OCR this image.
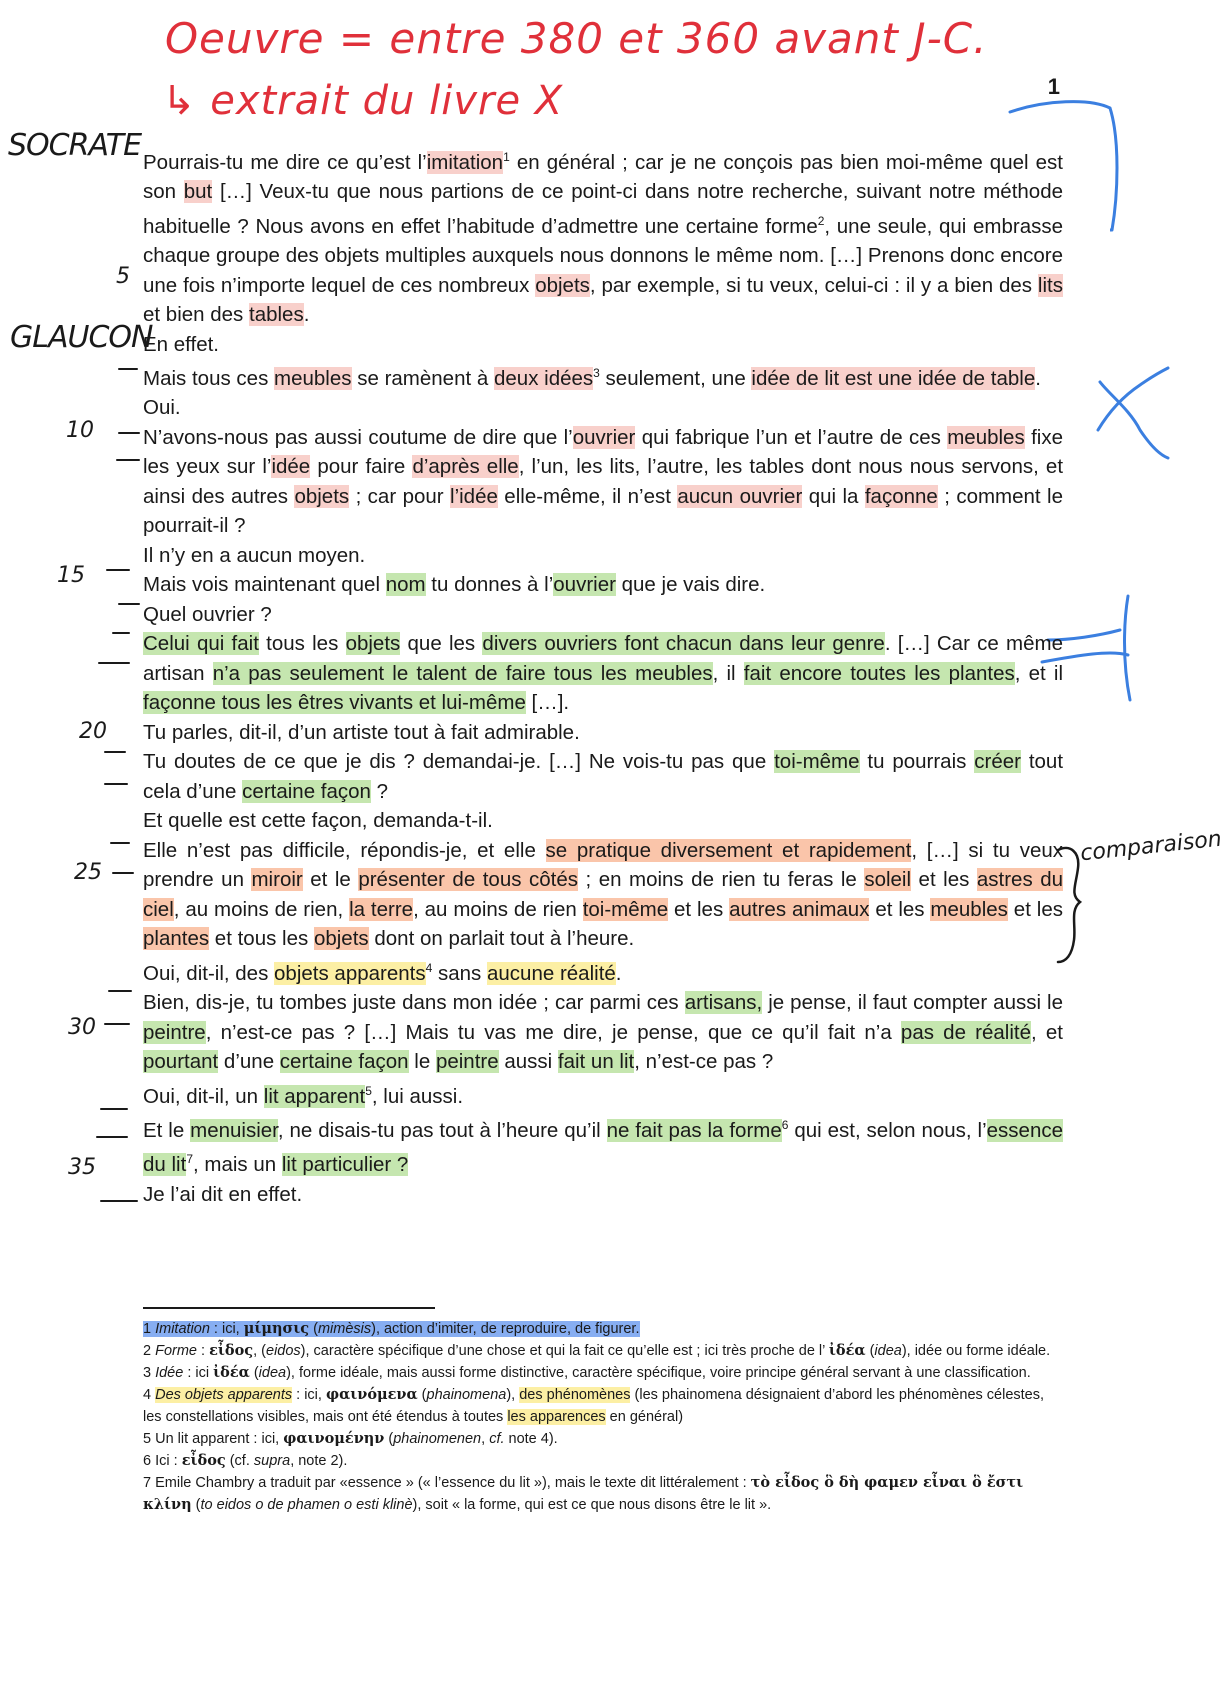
Oeuvre = entre 380 et 360 avant J-C.
↳ extrait du livre X	1
SOCRATE
GLAUCON
5
10
15
20
25
30
35
comparaison

Pourrais-tu me dire ce qu’est l’imitation$^1$ en général ; car je ne conçois pas bien moi-même quel est son but […] Veux-tu que nous partions de ce point-ci dans notre recherche, suivant notre méthode habituelle ? Nous avons en effet l’habitude d’admettre une certaine forme$^2$, une seule, qui embrasse chaque groupe des objets multiples auxquels nous donnons le même nom. […] Prenons donc encore une fois n’importe lequel de ces nombreux objets, par exemple, si tu veux, celui-ci : il y a bien des lits et bien des tables.

En effet.

Mais tous ces meubles se ramènent à deux idées$^3$ seulement, une idée de lit est une idée de table.

Oui.

N’avons-nous pas aussi coutume de dire que l’ouvrier qui fabrique l’un et l’autre de ces meubles fixe les yeux sur l’idée pour faire d’après elle, l’un, les lits, l’autre, les tables dont nous nous servons, et ainsi des autres objets ; car pour l’idée elle-même, il n’est aucun ouvrier qui la façonne ; comment le pourrait-il ?

Il n’y en a aucun moyen.

Mais vois maintenant quel nom tu donnes à l’ouvrier que je vais dire.

Quel ouvrier ?

Celui qui fait tous les objets que les divers ouvriers font chacun dans leur genre. […] Car ce même artisan n’a pas seulement le talent de faire tous les meubles, il fait encore toutes les plantes, et il façonne tous les êtres vivants et lui-même […].

Tu parles, dit-il, d’un artiste tout à fait admirable.

Tu doutes de ce que je dis ? demandai-je. […] Ne vois-tu pas que toi-même tu pourrais créer tout cela d’une certaine façon ?

Et quelle est cette façon, demanda-t-il.

Elle n’est pas difficile, répondis-je, et elle se pratique diversement et rapidement, […] si tu veux prendre un miroir et le présenter de tous côtés ; en moins de rien tu feras le soleil et les astres du ciel, au moins de rien, la terre, au moins de rien toi-même et les autres animaux et les meubles et les plantes et tous les objets dont on parlait tout à l’heure.

Oui, dit-il, des objets apparents$^4$ sans aucune réalité.

Bien, dis-je, tu tombes juste dans mon idée ; car parmi ces artisans, je pense, il faut compter aussi le peintre, n’est-ce pas ? […] Mais tu vas me dire, je pense, que ce qu’il fait n’a pas de réalité, et pourtant d’une certaine façon le peintre aussi fait un lit, n’est-ce pas ?

Oui, dit-il, un lit apparent$^5$, lui aussi.

Et le menuisier, ne disais-tu pas tout à l’heure qu’il ne fait pas la forme$^6$ qui est, selon nous, l’essence du lit$^7$, mais un lit particulier ?

Je l’ai dit en effet.

1 Imitation : ici, μίμησις (mimèsis), action d’imiter, de reproduire, de figurer.

2 Forme : εἶδος, (eidos), caractère spécifique d’une chose et qui la fait ce qu’elle est ; ici très proche de l’ ἰδέα (idea), idée ou forme idéale.

3 Idée : ici ἰδέα (idea), forme idéale, mais aussi forme distinctive, caractère spécifique, voire principe général servant à une classification.

4 Des objets apparents : ici, φαινόμενα (phainomena), des phénomènes (les phainomena désignaient d’abord les phénomènes célestes, les constellations visibles, mais ont été étendus à toutes les apparences en général)

5 Un lit apparent : ici, φαινομένην (phainomenen, cf. note 4).

6 Ici : εἶδος (cf. supra, note 2).

7 Emile Chambry a traduit par «essence » (« l’essence du lit »), mais le texte dit littéralement : τὸ εἶδος ὃ δὴ φαμεν εἶναι ὃ ἔστι κλίνη (to eidos o de phamen o esti klinè), soit « la forme, qui est ce que nous disons être le lit ».
